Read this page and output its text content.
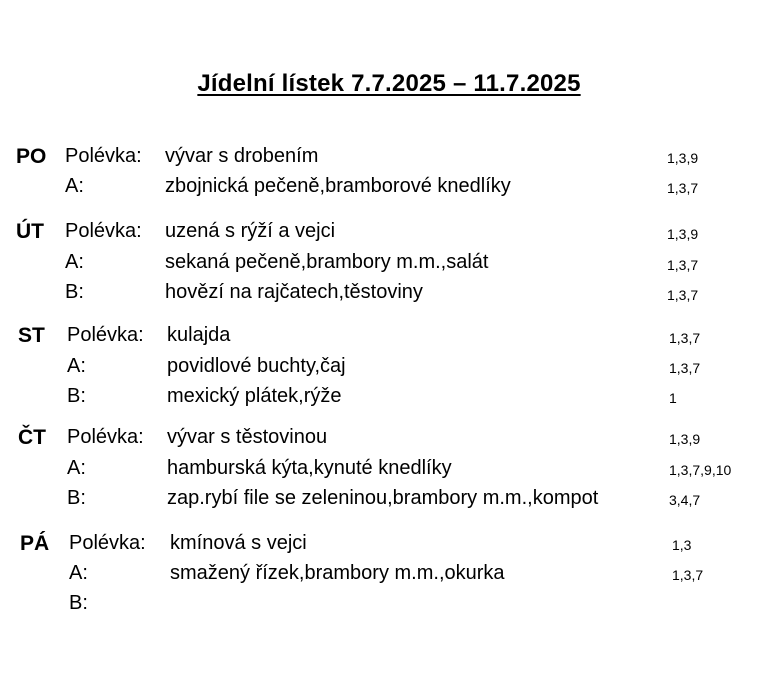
Jídelní lístek 7.7.2025 – 11.7.2025
PO Polévka: vývar s drobením	1,3,9
A:	zbojnická pečeně,bramborové knedlíky	1,3,7
ÚT Polévka: uzená s rýží a vejci	1,3,9
A:	sekaná pečeně,brambory m.m.,salát	1,3,7
B:	hovězí na rajčatech,těstoviny	1,3,7
ST Polévka: kulajda	1,3,7
A:	povidlové buchty,čaj	1,3,7
B:	mexický plátek,rýže	1
ČT Polévka: vývar s těstovinou	1,3,9
A:	hamburská kýta,kynuté knedlíky	1,3,7,9,10
B:	zap.rybí file se zeleninou,brambory m.m.,kompot	3,4,7
PÁ Polévka: kmínová s vejci	1,3
A:	smažený řízek,brambory m.m.,okurka	1,3,7
B:
